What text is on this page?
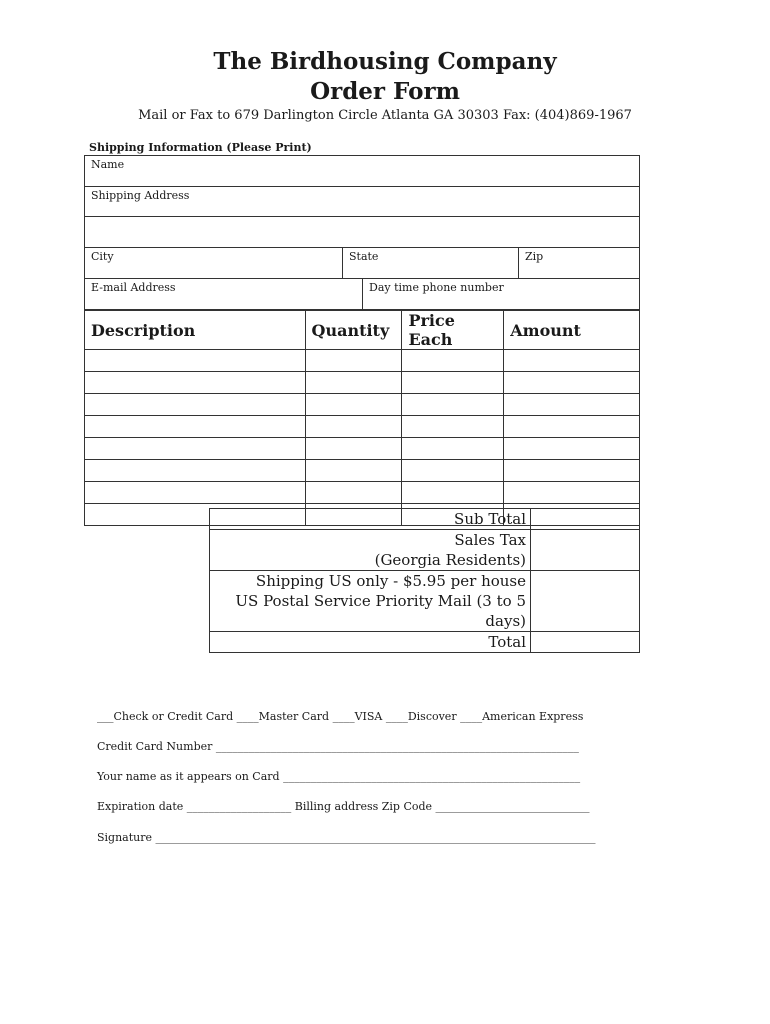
The Birdhousing Company
Order Form
Mail or Fax to 679 Darlington Circle Atlanta GA 30303 Fax: (404)869-1967
Shipping Information (Please Print)
Name
Shipping Address
City	State	Zip
E-mail Address	Day time phone number
Description	Quantity	Price Each	Amount

Sub Total	

Sales Tax
(Georgia Residents)	

Shipping US only - $5.95 per house
US Postal Service Priority Mail (3 to 5 days)	

Total	
___Check or Credit Card ____Master Card ____VISA ____Discover ____American Express
Credit Card Number __________________________________________________________________
Your name as it appears on Card ______________________________________________________
Expiration date ___________________ Billing address Zip Code ____________________________
Signature ________________________________________________________________________________
